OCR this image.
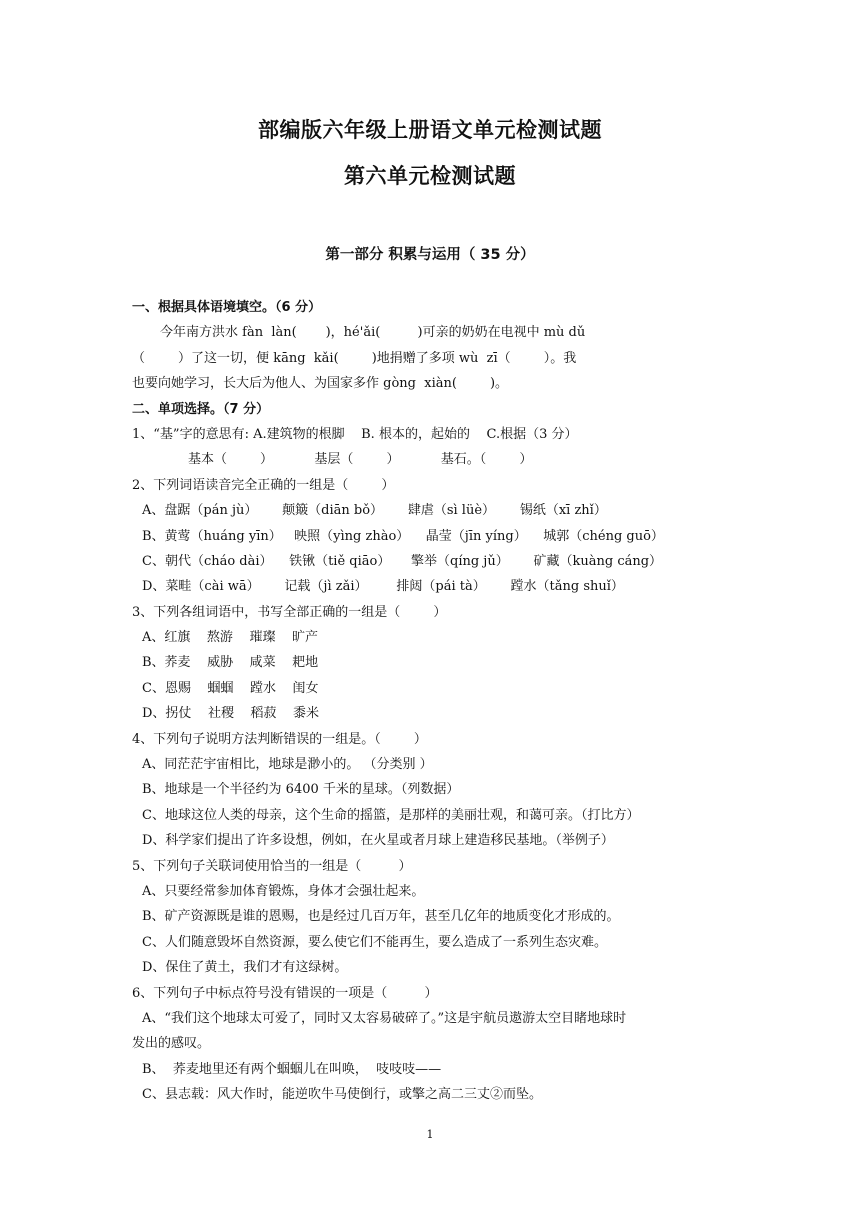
部编版六年级上册语文单元检测试题
第六单元检测试题
第一部分 积累与运用（ 35 分）
一、根据具体语境填空。（6 分）
今年南方洪水 fàn  làn(       )，hé'ǎi(         )可亲的奶奶在电视中 mù dǔ
（        ）了这一切，便 kāng  kǎi(        )地捐赠了多项 wù  zī（        ）。我
也要向她学习，长大后为他人、为国家多作 gòng  xiàn(        )。
二、单项选择。（7 分）
1、“基”字的意思有: A.建筑物的根脚    B. 根本的，起始的    C.根据（3 分）
基本（        ）          基层（        ）          基石。（        ）
2、下列词语读音完全正确的一组是（        ）
A、盘踞（pán jù）      颠簸（diān bǒ）      肆虐（sì lüè）      锡纸（xī zhǐ）
B、黄莺（huáng yīn）   映照（yìng zhào）    晶莹（jīn yíng）    城郭（chéng guō）
C、朝代（cháo dài）    铁锹（tiě qiāo）     擎举（qíng jǔ）      矿藏（kuàng cáng）
D、菜畦（cài wā）      记载（jì zǎi）       排闼（pái tà）      蹚水（tǎng shuǐ）
3、下列各组词语中，书写全部正确的一组是（        ）
A、红旗    熬游    璀璨    旷产
B、荞麦    威胁    咸菜    耙地
C、恩赐    蝈蝈    蹚水    闺女
D、拐仗    社稷    稻菽    黍米
4、下列句子说明方法判断错误的一组是。（        ）
A、同茫茫宇宙相比，地球是渺小的。 （分类别 ）
B、地球是一个半径约为 6400 千米的星球。（列数据）
C、地球这位人类的母亲，这个生命的摇篮，是那样的美丽壮观，和蔼可亲。（打比方）
D、科学家们提出了许多设想，例如，在火星或者月球上建造移民基地。（举例子）
5、下列句子关联词使用恰当的一组是（         ）
A、只要经常参加体育锻炼，身体才会强壮起来。
B、矿产资源既是谁的恩赐，也是经过几百万年，甚至几亿年的地质变化才形成的。
C、人们随意毁坏自然资源，要么使它们不能再生，要么造成了一系列生态灾难。
D、保住了黄土，我们才有这绿树。
6、下列句子中标点符号没有错误的一项是（         ）
A、“我们这个地球太可爱了，同时又太容易破碎了。”这是宇航员遨游太空目睹地球时
发出的感叹。
B、  荞麦地里还有两个蝈蝈儿在叫唤，  吱吱吱——
C、县志载：风大作时，能逆吹牛马使倒行，或擎之高二三丈②而坠。
1
